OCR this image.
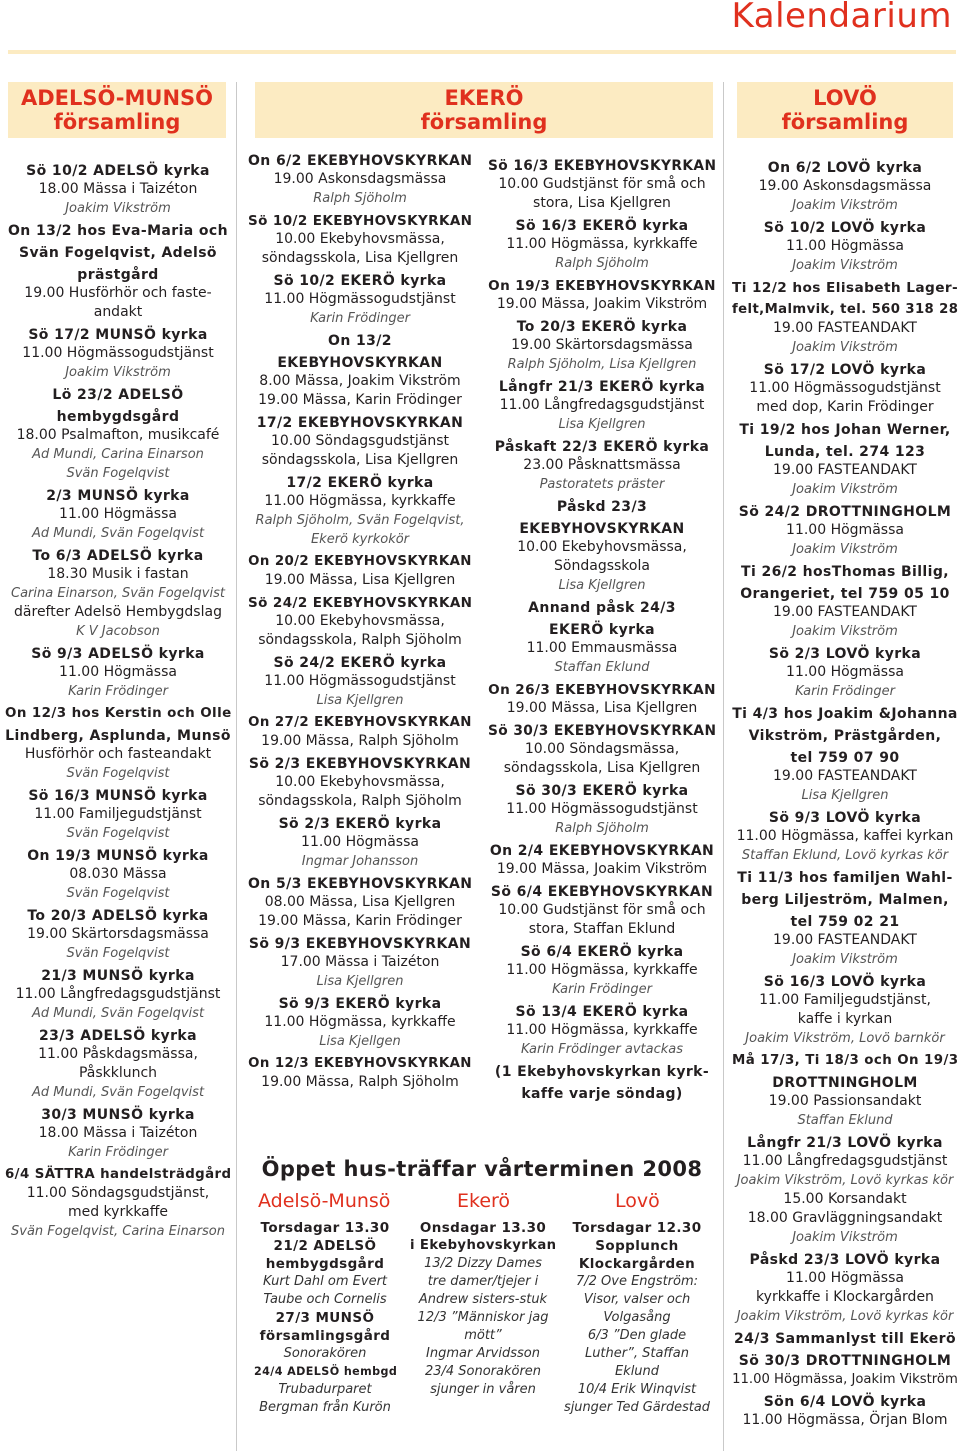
Kalendarium
ADELSÖ-MUNSÖ
församling
EKERÖ
församling
LOVÖ
församling
Sö 10/2 ADELSÖ kyrka
18.00 Mässa i Taizéton
Joakim Vikström
On 13/2 hos Eva-Maria och
Svän Fogelqvist, Adelsö
prästgård
19.00 Husförhör och faste-
andakt
Sö 17/2 MUNSÖ kyrka
11.00 Högmässogudstjänst
Joakim Vikström
Lö 23/2 ADELSÖ
hembygdsgård
18.00 Psalmafton, musikcafé
Ad Mundi, Carina Einarson
Svän Fogelqvist
2/3 MUNSÖ kyrka
11.00 Högmässa
Ad Mundi, Svän Fogelqvist
To 6/3 ADELSÖ kyrka
18.30 Musik i fastan
Carina Einarson, Svän Fogelqvist
därefter Adelsö Hembygdslag
K V Jacobson
Sö 9/3 ADELSÖ kyrka
11.00 Högmässa
Karin Frödinger
On 12/3 hos Kerstin och Olle
Lindberg, Asplunda, Munsö
Husförhör och fasteandakt
Svän Fogelqvist
Sö 16/3 MUNSÖ kyrka
11.00 Familjegudstjänst
Svän Fogelqvist
On 19/3 MUNSÖ kyrka
08.030 Mässa
Svän Fogelqvist
To 20/3 ADELSÖ kyrka
19.00 Skärtorsdagsmässa
Svän Fogelqvist
21/3 MUNSÖ kyrka
11.00 Långfredagsgudstjänst
Ad Mundi, Svän Fogelqvist
23/3 ADELSÖ kyrka
11.00 Påskdagsmässa,
Påskklunch
Ad Mundi, Svän Fogelqvist
30/3 MUNSÖ kyrka
18.00 Mässa i Taizéton
Karin Frödinger
6/4 SÄTTRA handelsträdgård
11.00 Söndagsgudstjänst,
med kyrkkaffe
Svän Fogelqvist, Carina Einarson
On 6/2 EKEBYHOVSKYRKAN
19.00 Askonsdagsmässa
Ralph Sjöholm
Sö 10/2 EKEBYHOVSKYRKAN
10.00 Ekebyhovsmässa,
söndagsskola, Lisa Kjellgren
Sö 10/2 EKERÖ kyrka
11.00 Högmässogudstjänst
Karin Frödinger
On 13/2
EKEBYHOVSKYRKAN
8.00 Mässa, Joakim Vikström
19.00 Mässa, Karin Frödinger
17/2 EKEBYHOVSKYRKAN
10.00 Söndagsgudstjänst
söndagsskola, Lisa Kjellgren
17/2 EKERÖ kyrka
11.00 Högmässa, kyrkkaffe
Ralph Sjöholm, Svän Fogelqvist,
Ekerö kyrkokör
On 20/2 EKEBYHOVSKYRKAN
19.00 Mässa, Lisa Kjellgren
Sö 24/2 EKEBYHOVSKYRKAN
10.00 Ekebyhovsmässa,
söndagsskola, Ralph Sjöholm
Sö 24/2 EKERÖ kyrka
11.00 Högmässogudstjänst
Lisa Kjellgren
On 27/2 EKEBYHOVSKYRKAN
19.00 Mässa, Ralph Sjöholm
Sö 2/3 EKEBYHOVSKYRKAN
10.00 Ekebyhovsmässa,
söndagsskola, Ralph Sjöholm
Sö 2/3 EKERÖ kyrka
11.00 Högmässa
Ingmar Johansson
On 5/3 EKEBYHOVSKYRKAN
08.00 Mässa, Lisa Kjellgren
19.00 Mässa, Karin Frödinger
Sö 9/3 EKEBYHOVSKYRKAN
17.00 Mässa i Taizéton
Lisa Kjellgren
Sö 9/3 EKERÖ kyrka
11.00 Högmässa, kyrkkaffe
Lisa Kjellgen
On 12/3 EKEBYHOVSKYRKAN
19.00 Mässa, Ralph Sjöholm
Sö 16/3 EKEBYHOVSKYRKAN
10.00 Gudstjänst för små och
stora, Lisa Kjellgren
Sö 16/3 EKERÖ kyrka
11.00 Högmässa, kyrkkaffe
Ralph Sjöholm
On 19/3 EKEBYHOVSKYRKAN
19.00 Mässa, Joakim Vikström
To 20/3 EKERÖ kyrka
19.00 Skärtorsdagsmässa
Ralph Sjöholm, Lisa Kjellgren
Långfr 21/3 EKERÖ kyrka
11.00 Långfredagsgudstjänst
Lisa Kjellgren
Påskaft 22/3 EKERÖ kyrka
23.00 Påsknattsmässa
Pastoratets präster
Påskd 23/3
EKEBYHOVSKYRKAN
10.00 Ekebyhovsmässa,
Söndagsskola
Lisa Kjellgren
Annand påsk 24/3
EKERÖ kyrka
11.00 Emmausmässa
Staffan Eklund
On 26/3 EKEBYHOVSKYRKAN
19.00 Mässa, Lisa Kjellgren
Sö 30/3 EKEBYHOVSKYRKAN
10.00 Söndagsmässa,
söndagsskola, Lisa Kjellgren
Sö 30/3 EKERÖ kyrka
11.00 Högmässogudstjänst
Ralph Sjöholm
On 2/4 EKEBYHOVSKYRKAN
19.00 Mässa, Joakim Vikström
Sö 6/4 EKEBYHOVSKYRKAN
10.00 Gudstjänst för små och
stora, Staffan Eklund
Sö 6/4 EKERÖ kyrka
11.00 Högmässa, kyrkkaffe
Karin Frödinger
Sö 13/4 EKERÖ kyrka
11.00 Högmässa, kyrkkaffe
Karin Frödinger avtackas
(1 Ekebyhovskyrkan kyrk-
kaffe varje söndag)
On 6/2 LOVÖ kyrka
19.00 Askonsdagsmässa
Joakim Vikström
Sö 10/2 LOVÖ kyrka
11.00 Högmässa
Joakim Vikström
Ti 12/2 hos Elisabeth Lager-
felt,Malmvik, tel. 560 318 28
19.00 FASTEANDAKT
Joakim Vikström
Sö 17/2 LOVÖ kyrka
11.00 Högmässogudstjänst
med dop, Karin Frödinger
Ti 19/2 hos Johan Werner,
Lunda, tel. 274 123
19.00 FASTEANDAKT
Joakim Vikström
Sö 24/2 DROTTNINGHOLM
11.00 Högmässa
Joakim Vikström
Ti 26/2 hosThomas Billig,
Orangeriet, tel 759 05 10
19.00 FASTEANDAKT
Joakim Vikström
Sö 2/3 LOVÖ kyrka
11.00 Högmässa
Karin Frödinger
Ti 4/3 hos Joakim &Johanna
Vikström, Prästgården,
tel 759 07 90
19.00 FASTEANDAKT
Lisa Kjellgren
Sö 9/3 LOVÖ kyrka
11.00 Högmässa, kaffei kyrkan
Staffan Eklund, Lovö kyrkas kör
Ti 11/3 hos familjen Wahl-
berg Liljeström, Malmen,
tel 759 02 21
19.00 FASTEANDAKT
Joakim Vikström
Sö 16/3 LOVÖ kyrka
11.00 Familjegudstjänst,
kaffe i kyrkan
Joakim Vikström, Lovö barnkör
Må 17/3, Ti 18/3 och On 19/3
DROTTNINGHOLM
19.00 Passionsandakt
Staffan Eklund
Långfr 21/3 LOVÖ kyrka
11.00 Långfredagsgudstjänst
Joakim Vikström, Lovö kyrkas kör
15.00 Korsandakt
18.00 Gravläggningsandakt
Joakim Vikström
Påskd 23/3 LOVÖ kyrka
11.00 Högmässa
kyrkkaffe i Klockargården
Joakim Vikström, Lovö kyrkas kör
24/3 Sammanlyst till Ekerö
Sö 30/3 DROTTNINGHOLM
11.00 Högmässa, Joakim Vikström
Sön 6/4 LOVÖ kyrka
11.00 Högmässa, Örjan Blom
Öppet hus-träffar vårterminen 2008
Adelsö-Munsö	Ekerö	Lovö
Torsdagar 13.30
21/2 ADELSÖ
hembygdsgård
Kurt Dahl om Evert
Taube och Cornelis
27/3 MUNSÖ
församlingsgård
Sonorakören
24/4 ADELSÖ hembgd
Trubadurparet
Bergman från Kurön
Onsdagar 13.30
i Ekebyhovskyrkan
13/2 Dizzy Dames
tre damer/tjejer i
Andrew sisters-stuk
12/3 ”Människor jag
mött”
Ingmar Arvidsson
23/4 Sonorakören
sjunger in våren
Torsdagar 12.30
Sopplunch
Klockargården
7/2 Ove Engström:
Visor, valser och
Volgasång
6/3 ”Den glade
Luther”, Staffan
Eklund
10/4 Erik Winqvist
sjunger Ted Gärdestad
